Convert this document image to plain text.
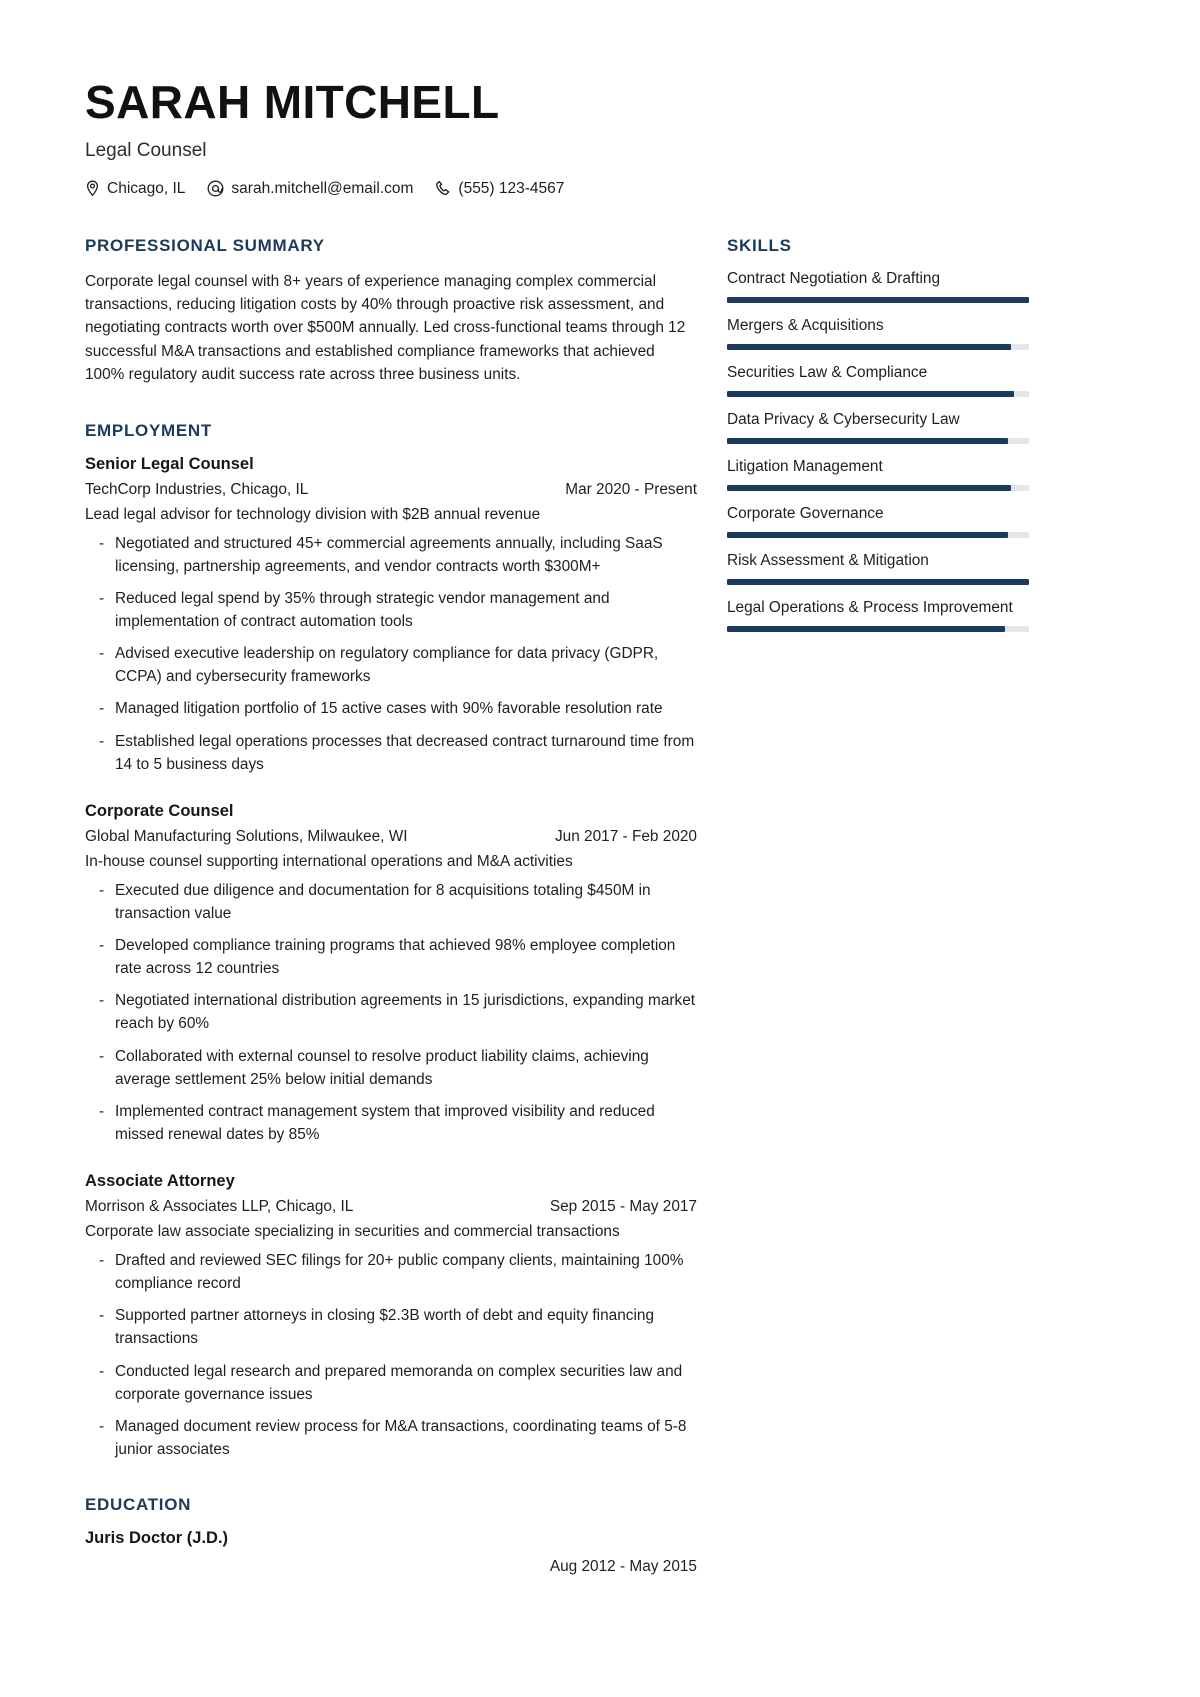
SARAH MITCHELL
Legal Counsel
Chicago, IL	sarah.mitchell@email.com	(555) 123-4567
PROFESSIONAL SUMMARY
Corporate legal counsel with 8+ years of experience managing complex commercial transactions, reducing litigation costs by 40% through proactive risk assessment, and negotiating contracts worth over $500M annually. Led cross-functional teams through 12 successful M&A transactions and established compliance frameworks that achieved 100% regulatory audit success rate across three business units.
EMPLOYMENT
Senior Legal Counsel
TechCorp Industries, Chicago, IL	Mar 2020 - Present
Lead legal advisor for technology division with $2B annual revenue
- Negotiated and structured 45+ commercial agreements annually, including SaaS licensing, partnership agreements, and vendor contracts worth $300M+
- Reduced legal spend by 35% through strategic vendor management and implementation of contract automation tools
- Advised executive leadership on regulatory compliance for data privacy (GDPR, CCPA) and cybersecurity frameworks
- Managed litigation portfolio of 15 active cases with 90% favorable resolution rate
- Established legal operations processes that decreased contract turnaround time from 14 to 5 business days
Corporate Counsel
Global Manufacturing Solutions, Milwaukee, WI	Jun 2017 - Feb 2020
In-house counsel supporting international operations and M&A activities
- Executed due diligence and documentation for 8 acquisitions totaling $450M in transaction value
- Developed compliance training programs that achieved 98% employee completion rate across 12 countries
- Negotiated international distribution agreements in 15 jurisdictions, expanding market reach by 60%
- Collaborated with external counsel to resolve product liability claims, achieving average settlement 25% below initial demands
- Implemented contract management system that improved visibility and reduced missed renewal dates by 85%
Associate Attorney
Morrison & Associates LLP, Chicago, IL	Sep 2015 - May 2017
Corporate law associate specializing in securities and commercial transactions
- Drafted and reviewed SEC filings for 20+ public company clients, maintaining 100% compliance record
- Supported partner attorneys in closing $2.3B worth of debt and equity financing transactions
- Conducted legal research and prepared memoranda on complex securities law and corporate governance issues
- Managed document review process for M&A transactions, coordinating teams of 5-8 junior associates
EDUCATION
Juris Doctor (J.D.)
Aug 2012 - May 2015
SKILLS
Contract Negotiation & Drafting
Mergers & Acquisitions
Securities Law & Compliance
Data Privacy & Cybersecurity Law
Litigation Management
Corporate Governance
Risk Assessment & Mitigation
Legal Operations & Process Improvement
